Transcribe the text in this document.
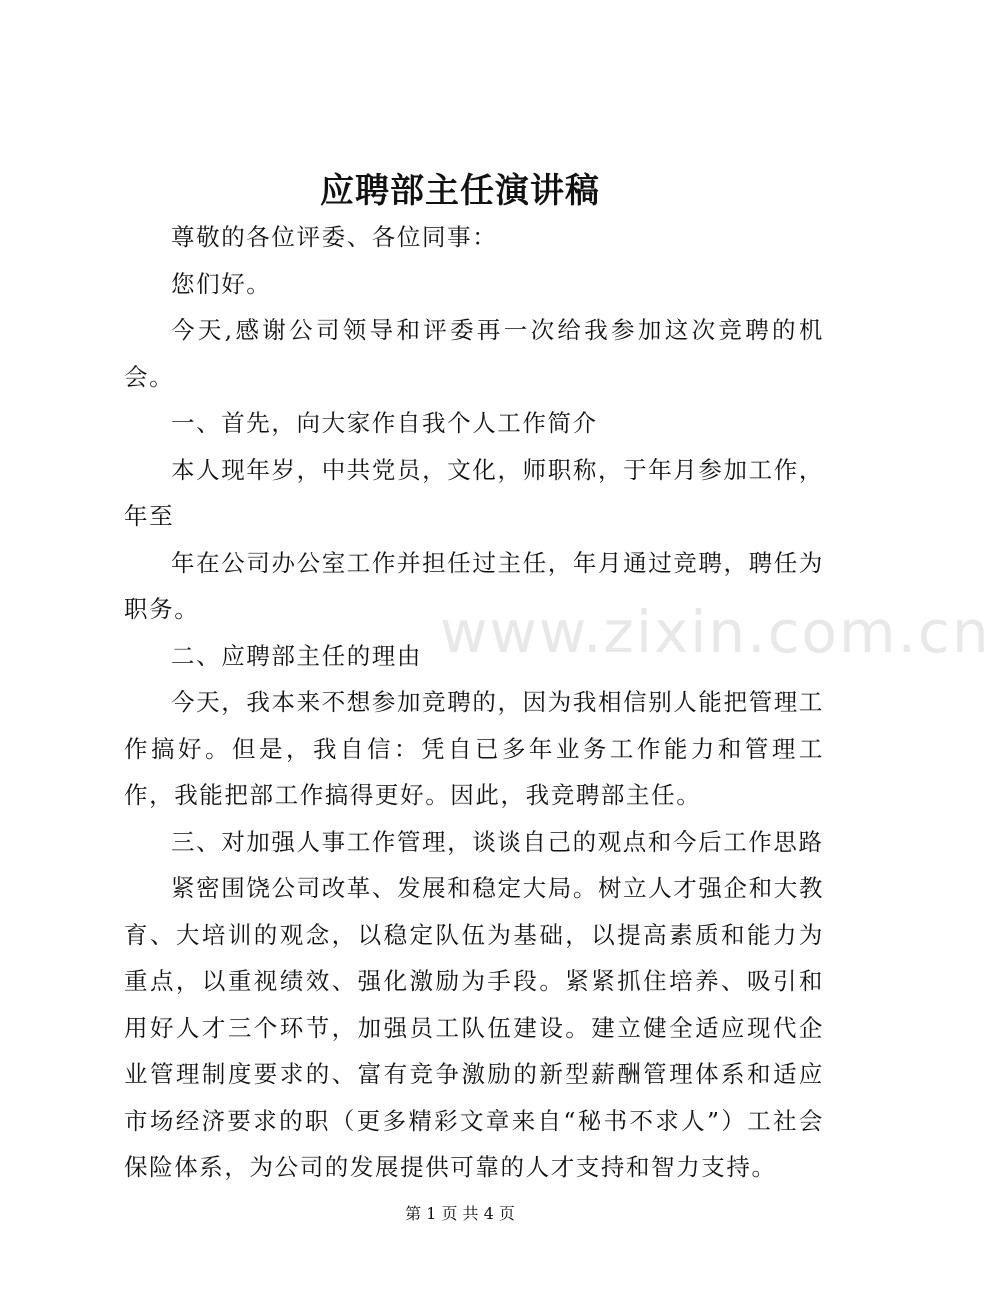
应聘部主任演讲稿

尊敬的各位评委、各位同事：

您们好。

今天,感谢公司领导和评委再一次给我参加这次竞聘的机会。

一、首先，向大家作自我个人工作简介

本人现年岁，中共党员，文化，师职称，于年月参加工作，年至

年在公司办公室工作并担任过主任，年月通过竞聘，聘任为职务。

二、应聘部主任的理由

今天，我本来不想参加竞聘的，因为我相信别人能把管理工作搞好。但是，我自信：凭自已多年业务工作能力和管理工作，我能把部工作搞得更好。因此，我竞聘部主任。

三、对加强人事工作管理，谈谈自己的观点和今后工作思路

紧密围饶公司改革、发展和稳定大局。树立人才强企和大教育、大培训的观念，以稳定队伍为基础，以提高素质和能力为重点，以重视绩效、强化激励为手段。紧紧抓住培养、吸引和用好人才三个环节，加强员工队伍建设。建立健全适应现代企业管理制度要求的、富有竞争激励的新型薪酬管理体系和适应市场经济要求的职（更多精彩文章来自“秘书不求人”）工社会保险体系，为公司的发展提供可靠的人才支持和智力支持。

www.zixin.com.cn
第 1 页 共 4 页
